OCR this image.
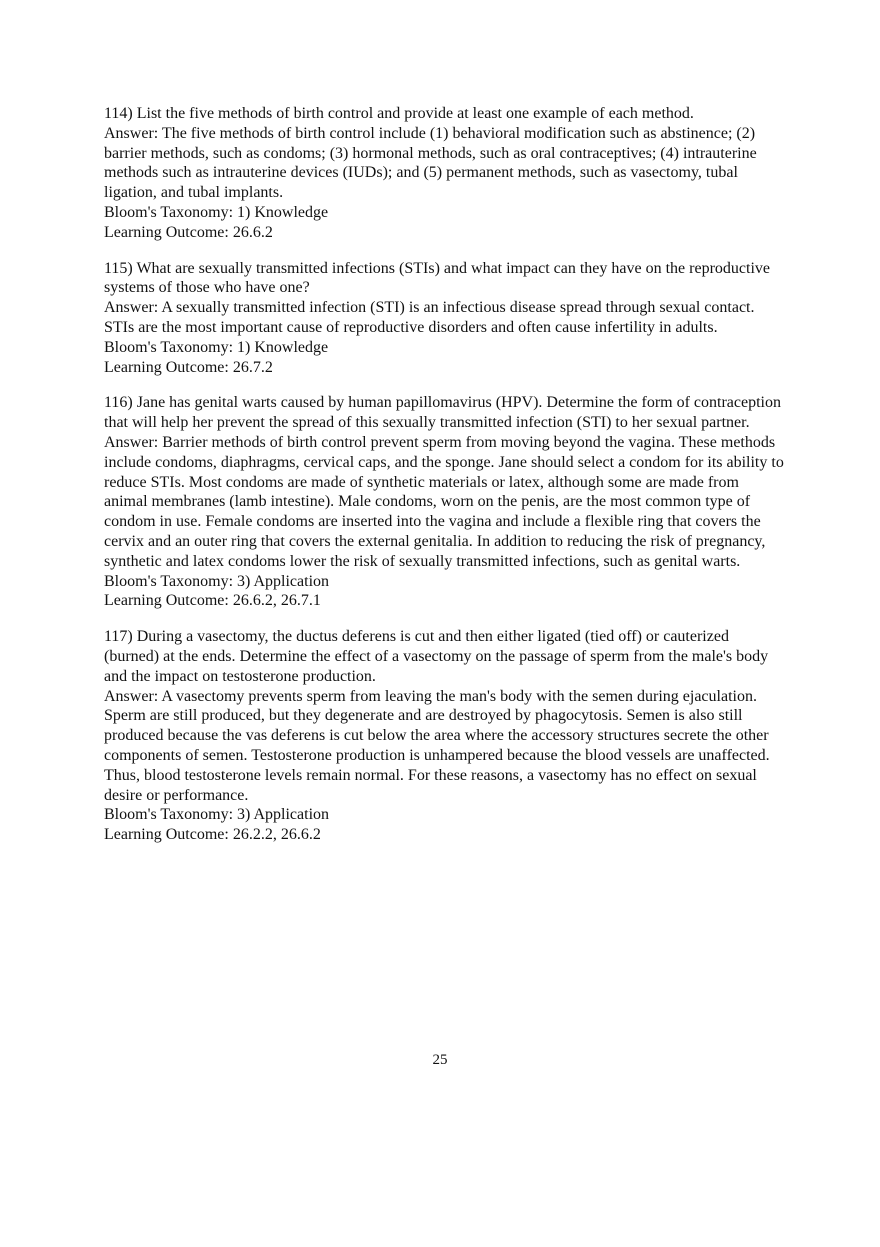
114) List the five methods of birth control and provide at least one example of each method.

Answer: The five methods of birth control include (1) behavioral modification such as abstinence; (2) barrier methods, such as condoms; (3) hormonal methods, such as oral contraceptives; (4) intrauterine methods such as intrauterine devices (IUDs); and (5) permanent methods, such as vasectomy, tubal ligation, and tubal implants.

Bloom's Taxonomy: 1) Knowledge

Learning Outcome: 26.6.2

115) What are sexually transmitted infections (STIs) and what impact can they have on the reproductive systems of those who have one?

Answer: A sexually transmitted infection (STI) is an infectious disease spread through sexual contact. STIs are the most important cause of reproductive disorders and often cause infertility in adults.

Bloom's Taxonomy: 1) Knowledge

Learning Outcome: 26.7.2

116) Jane has genital warts caused by human papillomavirus (HPV). Determine the form of contraception that will help her prevent the spread of this sexually transmitted infection (STI) to her sexual partner.

Answer: Barrier methods of birth control prevent sperm from moving beyond the vagina. These methods include condoms, diaphragms, cervical caps, and the sponge. Jane should select a condom for its ability to reduce STIs. Most condoms are made of synthetic materials or latex, although some are made from animal membranes (lamb intestine). Male condoms, worn on the penis, are the most common type of condom in use. Female condoms are inserted into the vagina and include a flexible ring that covers the cervix and an outer ring that covers the external genitalia. In addition to reducing the risk of pregnancy, synthetic and latex condoms lower the risk of sexually transmitted infections, such as genital warts.

Bloom's Taxonomy: 3) Application

Learning Outcome: 26.6.2, 26.7.1

117) During a vasectomy, the ductus deferens is cut and then either ligated (tied off) or cauterized (burned) at the ends. Determine the effect of a vasectomy on the passage of sperm from the male's body and the impact on testosterone production.

Answer: A vasectomy prevents sperm from leaving the man's body with the semen during ejaculation. Sperm are still produced, but they degenerate and are destroyed by phagocytosis. Semen is also still produced because the vas deferens is cut below the area where the accessory structures secrete the other components of semen. Testosterone production is unhampered because the blood vessels are unaffected. Thus, blood testosterone levels remain normal. For these reasons, a vasectomy has no effect on sexual desire or performance.

Bloom's Taxonomy: 3) Application

Learning Outcome: 26.2.2, 26.6.2

25
